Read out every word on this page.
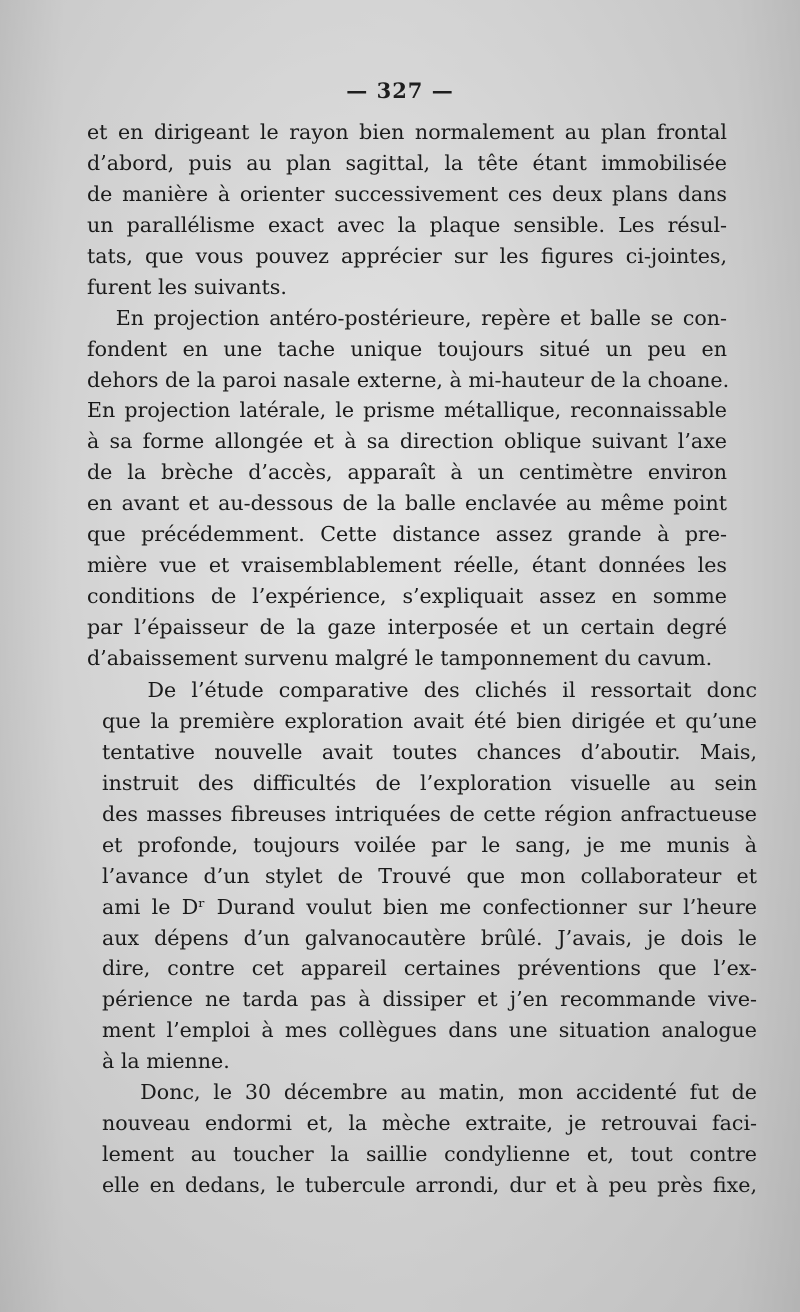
— 327 —
et en dirigeant le rayon bien normalement au plan frontal
d’abord, puis au plan sagittal, la tête étant immobilisée
de manière à orienter successivement ces deux plans dans
un parallélisme exact avec la plaque sensible. Les résul-
tats, que vous pouvez apprécier sur les figures ci-jointes,
furent les suivants.
En projection antéro-postérieure, repère et balle se con-
fondent en une tache unique toujours situé un peu en
dehors de la paroi nasale externe, à mi-hauteur de la choane.
En projection latérale, le prisme métallique, reconnaissable
à sa forme allongée et à sa direction oblique suivant l’axe
de la brèche d’accès, apparaît à un centimètre environ
en avant et au-dessous de la balle enclavée au même point
que précédemment. Cette distance assez grande à pre-
mière vue et vraisemblablement réelle, étant données les
conditions de l’expérience, s’expliquait assez en somme
par l’épaisseur de la gaze interposée et un certain degré
d’abaissement survenu malgré le tamponnement du cavum.
De l’étude comparative des clichés il ressortait donc
que la première exploration avait été bien dirigée et qu’une
tentative nouvelle avait toutes chances d’aboutir. Mais,
instruit des difficultés de l’exploration visuelle au sein
des masses fibreuses intriquées de cette région anfractueuse
et profonde, toujours voilée par le sang, je me munis à
l’avance d’un stylet de Trouvé que mon collaborateur et
ami le Dʳ Durand voulut bien me confectionner sur l’heure
aux dépens d’un galvanocautère brûlé. J’avais, je dois le
dire, contre cet appareil certaines préventions que l’ex-
périence ne tarda pas à dissiper et j’en recommande vive-
ment l’emploi à mes collègues dans une situation analogue
à la mienne.
Donc, le 30 décembre au matin, mon accidenté fut de
nouveau endormi et, la mèche extraite, je retrouvai faci-
lement au toucher la saillie condylienne et, tout contre
elle en dedans, le tubercule arrondi, dur et à peu près fixe,
